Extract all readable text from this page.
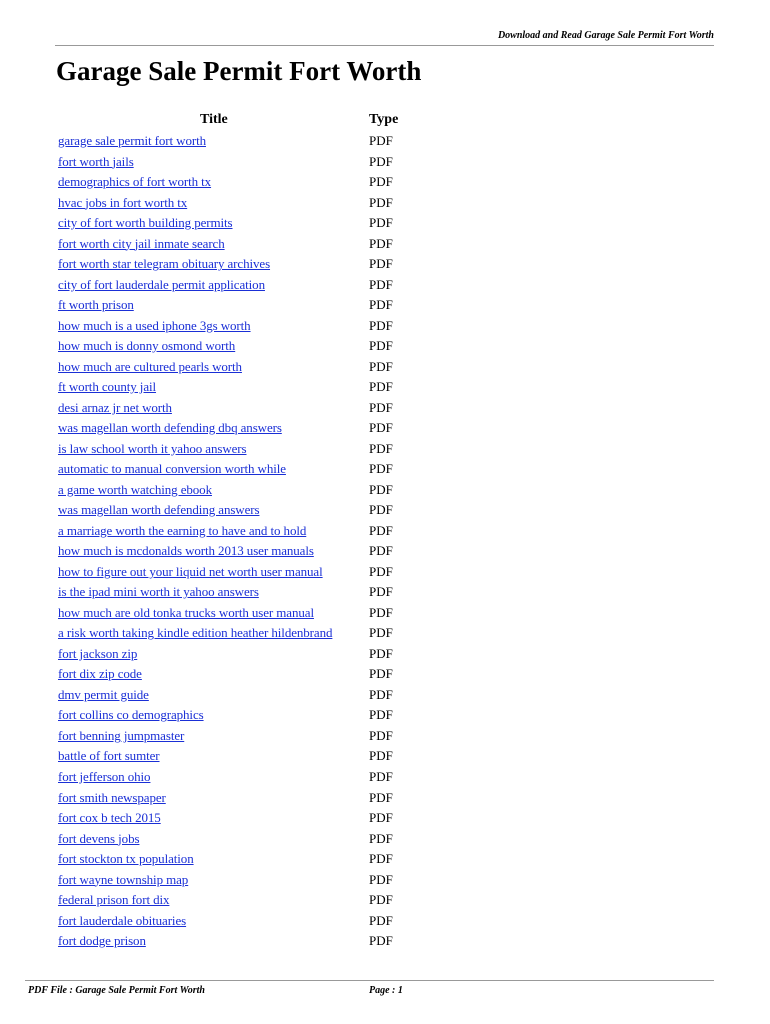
Download and Read Garage Sale Permit Fort Worth
Garage Sale Permit Fort Worth
Title	Type
garage sale permit fort worth	PDF
fort worth jails	PDF
demographics of fort worth tx	PDF
hvac jobs in fort worth tx	PDF
city of fort worth building permits	PDF
fort worth city jail inmate search	PDF
fort worth star telegram obituary archives	PDF
city of fort lauderdale permit application	PDF
ft worth prison	PDF
how much is a used iphone 3gs worth	PDF
how much is donny osmond worth	PDF
how much are cultured pearls worth	PDF
ft worth county jail	PDF
desi arnaz jr net worth	PDF
was magellan worth defending dbq answers	PDF
is law school worth it yahoo answers	PDF
automatic to manual conversion worth while	PDF
a game worth watching ebook	PDF
was magellan worth defending answers	PDF
a marriage worth the earning to have and to hold	PDF
how much is mcdonalds worth 2013 user manuals	PDF
how to figure out your liquid net worth user manual	PDF
is the ipad mini worth it yahoo answers	PDF
how much are old tonka trucks worth user manual	PDF
a risk worth taking kindle edition heather hildenbrand	PDF
fort jackson zip	PDF
fort dix zip code	PDF
dmv permit guide	PDF
fort collins co demographics	PDF
fort benning jumpmaster	PDF
battle of fort sumter	PDF
fort jefferson ohio	PDF
fort smith newspaper	PDF
fort cox b tech 2015	PDF
fort devens jobs	PDF
fort stockton tx population	PDF
fort wayne township map	PDF
federal prison fort dix	PDF
fort lauderdale obituaries	PDF
fort dodge prison	PDF
PDF File : Garage Sale Permit Fort Worth	Page : 1
